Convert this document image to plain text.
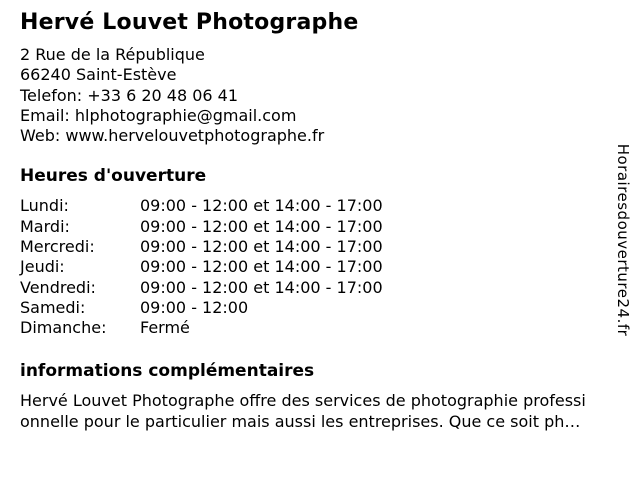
Hervé Louvet Photographe
2 Rue de la République
66240 Saint-Estève
Telefon: +33 6 20 48 06 41
Email: hlphotographie@gmail.com
Web: www.hervelouvetphotographe.fr
Heures d'ouverture
Lundi:	09:00 - 12:00 et 14:00 - 17:00
Mardi:	09:00 - 12:00 et 14:00 - 17:00
Mercredi:	09:00 - 12:00 et 14:00 - 17:00
Jeudi:	09:00 - 12:00 et 14:00 - 17:00
Vendredi:	09:00 - 12:00 et 14:00 - 17:00
Samedi:	09:00 - 12:00
Dimanche:	Fermé
informations complémentaires
Hervé Louvet Photographe offre des services de photographie professi
onnelle pour le particulier mais aussi les entreprises. Que ce soit ph…
Horairesdouverture24.fr
